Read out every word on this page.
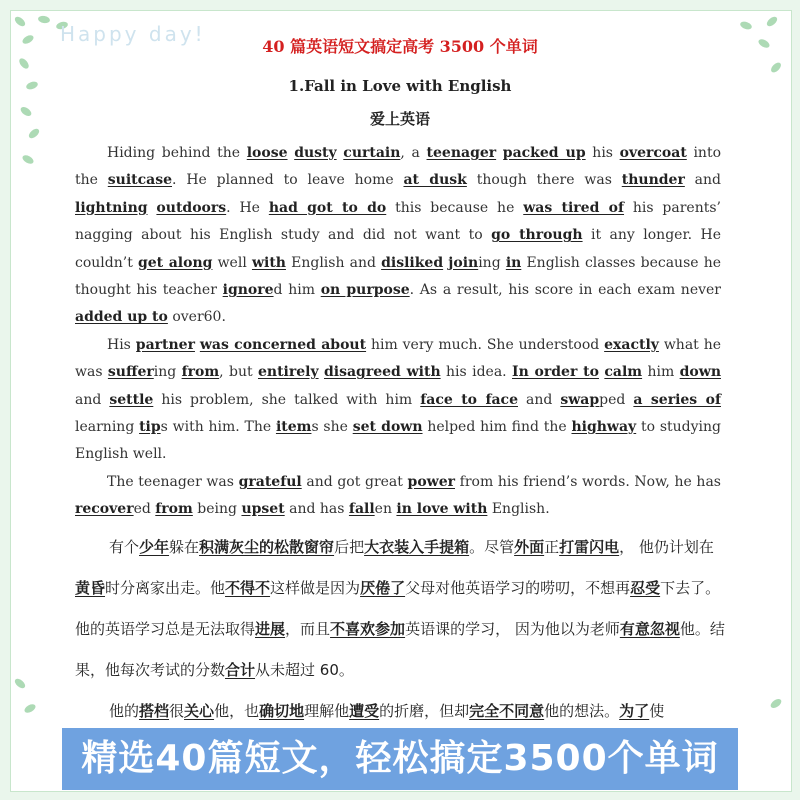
Happy day!
40 篇英语短文搞定高考 3500 个单词
1.Fall in Love with English
爱上英语

Hiding behind the loose dusty curtain, a teenager packed up his overcoat into the suitcase. He planned to leave home at dusk though there was thunder and lightning outdoors. He had got to do this because he was tired of his parents’ nagging about his English study and did not want to go through it any longer. He couldn’t get along well with English and disliked joining in English classes because he thought his teacher ignored him on purpose. As a result, his score in each exam never added up to over60.

His partner was concerned about him very much. She understood exactly what he was suffering from, but entirely disagreed with his idea. In order to calm him down and settle his problem, she talked with him face to face and swapped a series of learning tips with him. The items she set down helped him find the highway to studying English well.

The teenager was grateful and got great power from his friend’s words. Now, he has recovered from being upset and has fallen in love with English.

有个少年躲在积满灰尘的松散窗帘后把大衣装入手提箱。尽管外面正打雷闪电， 他仍计划在黄昏时分离家出走。他不得不这样做是因为厌倦了父母对他英语学习的唠叨，不想再忍受下去了。他的英语学习总是无法取得进展，而且不喜欢参加英语课的学习， 因为他以为老师有意忽视他。结果，他每次考试的分数合计从未超过 60。

他的搭档很关心他，也确切地理解他遭受的折磨，但却完全不同意他的想法。为了使

精选40篇短文，轻松搞定3500个单词
